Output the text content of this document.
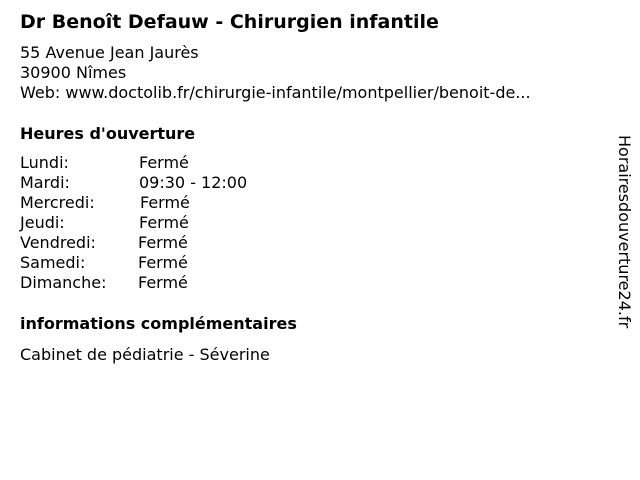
Dr Benoît Defauw - Chirurgien infantile
55 Avenue Jean Jaurès
30900 Nîmes
Web: www.doctolib.fr/chirurgie-infantile/montpellier/benoit-de...
Heures d'ouverture
Lundi:	Fermé
Mardi:	09:30 - 12:00
Mercredi:	Fermé
Jeudi:	Fermé
Vendredi:	Fermé
Samedi:	Fermé
Dimanche: Fermé
informations complémentaires
Cabinet de pédiatrie - Séverine
Horairesdouverture24.fr
